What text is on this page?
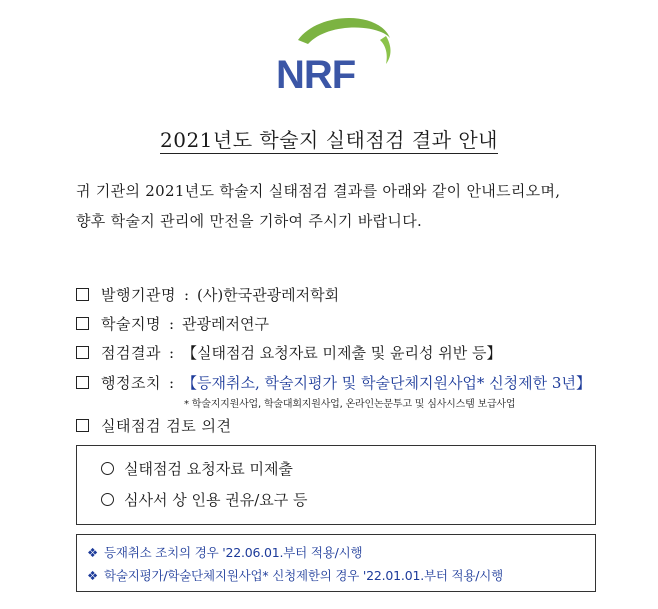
NRF
2021년도 학술지 실태점검 결과 안내
귀 기관의 2021년도 학술지 실태점검 결과를 아래와 같이 안내드리오며,
향후 학술지 관리에 만전을 기하여 주시기 바랍니다.
발행기관명 : (사)한국관광레저학회
학술지명 : 관광레저연구
점검결과 : 【실태점검 요청자료 미제출 및 윤리성 위반 등】
행정조치 : 【등재취소, 학술지평가 및 학술단체지원사업* 신청제한 3년】
* 학술지지원사업, 학술대회지원사업, 온라인논문투고 및 심사시스템 보급사업
실태점검 검토 의견
실태점검 요청자료 미제출
심사서 상 인용 권유/요구 등
❖ 등재취소 조치의 경우 '22.06.01.부터 적용/시행
❖ 학술지평가/학술단체지원사업* 신청제한의 경우 '22.01.01.부터 적용/시행
